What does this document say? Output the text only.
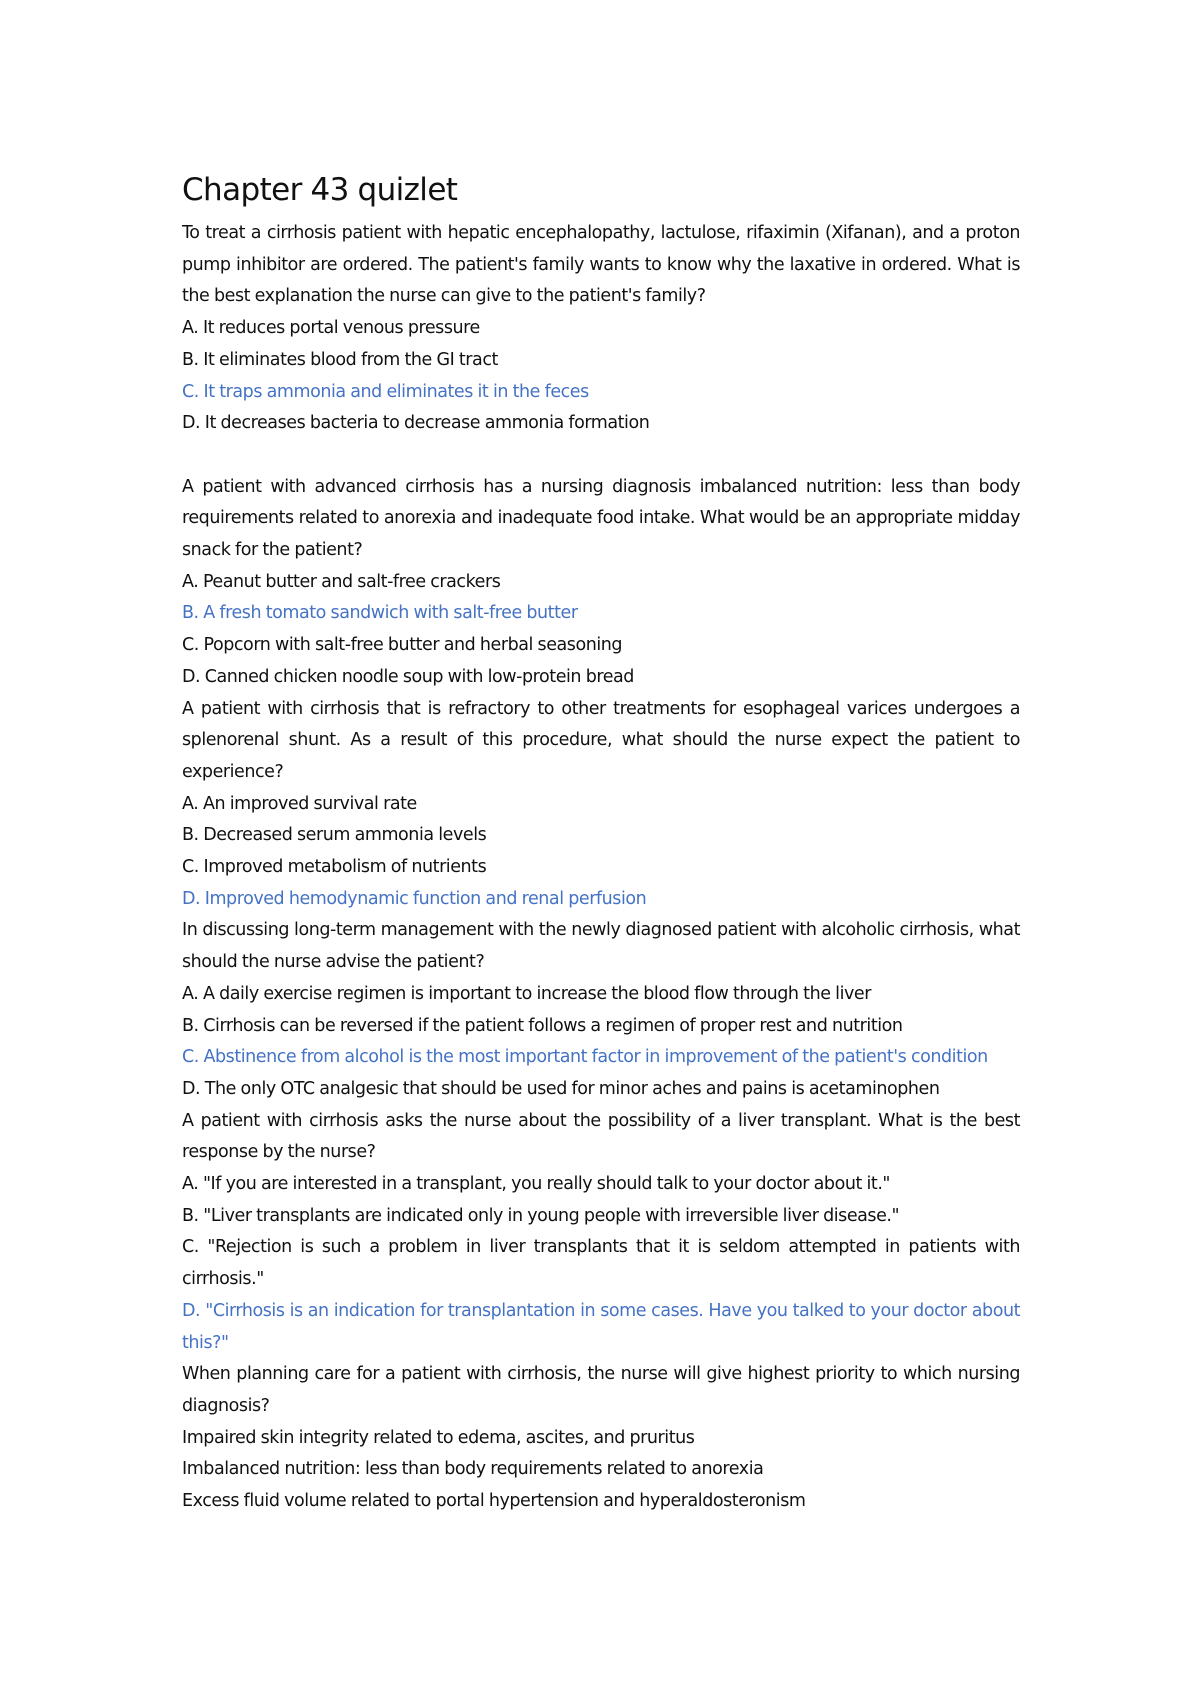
Chapter 43 quizlet

To treat a cirrhosis patient with hepatic encephalopathy, lactulose, rifaximin (Xifanan), and a proton pump inhibitor are ordered. The patient's family wants to know why the laxative in ordered. What is the best explanation the nurse can give to the patient's family?

A. It reduces portal venous pressure

B. It eliminates blood from the GI tract

C. It traps ammonia and eliminates it in the feces

D. It decreases bacteria to decrease ammonia formation

A patient with advanced cirrhosis has a nursing diagnosis imbalanced nutrition: less than body requirements related to anorexia and inadequate food intake. What would be an appropriate midday snack for the patient?

A. Peanut butter and salt-free crackers

B. A fresh tomato sandwich with salt-free butter

C. Popcorn with salt-free butter and herbal seasoning

D. Canned chicken noodle soup with low-protein bread

A patient with cirrhosis that is refractory to other treatments for esophageal varices undergoes a splenorenal shunt. As a result of this procedure, what should the nurse expect the patient to experience?

A. An improved survival rate

B. Decreased serum ammonia levels

C. Improved metabolism of nutrients

D. Improved hemodynamic function and renal perfusion

In discussing long-term management with the newly diagnosed patient with alcoholic cirrhosis, what should the nurse advise the patient?

A. A daily exercise regimen is important to increase the blood flow through the liver

B. Cirrhosis can be reversed if the patient follows a regimen of proper rest and nutrition

C. Abstinence from alcohol is the most important factor in improvement of the patient's condition

D. The only OTC analgesic that should be used for minor aches and pains is acetaminophen

A patient with cirrhosis asks the nurse about the possibility of a liver transplant. What is the best response by the nurse?

A. "If you are interested in a transplant, you really should talk to your doctor about it."

B. "Liver transplants are indicated only in young people with irreversible liver disease."

C. "Rejection is such a problem in liver transplants that it is seldom attempted in patients with cirrhosis."

D. "Cirrhosis is an indication for transplantation in some cases. Have you talked to your doctor about this?"

When planning care for a patient with cirrhosis, the nurse will give highest priority to which nursing diagnosis?

Impaired skin integrity related to edema, ascites, and pruritus

Imbalanced nutrition: less than body requirements related to anorexia

Excess fluid volume related to portal hypertension and hyperaldosteronism
